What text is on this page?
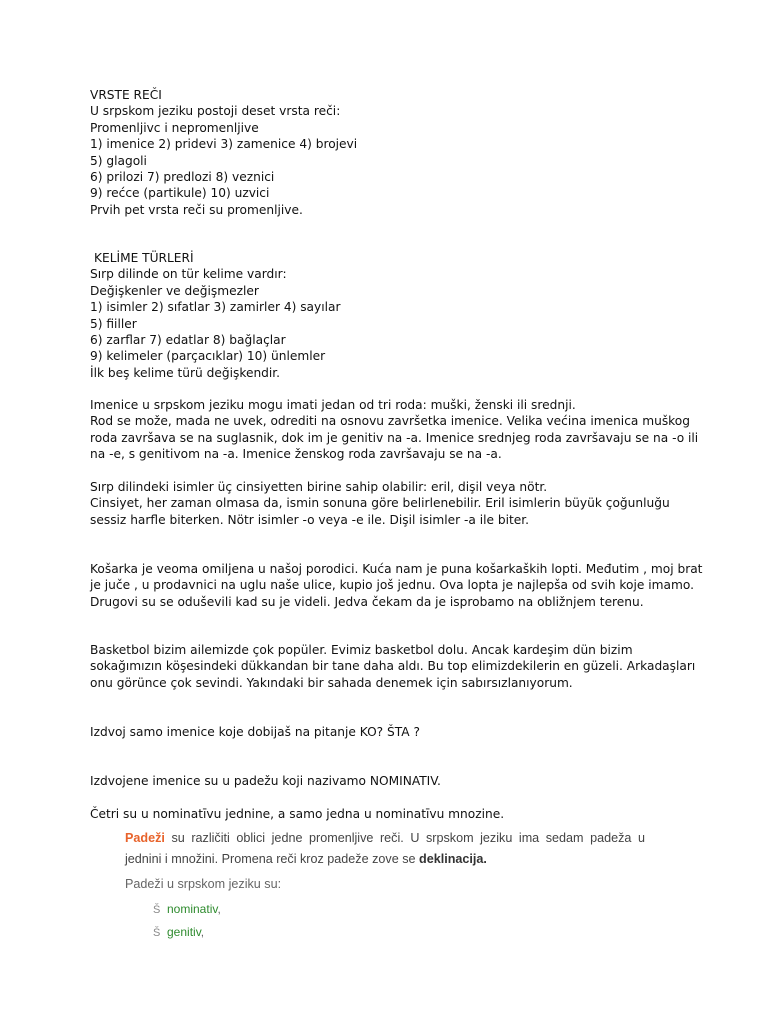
VRSTE REČI

U srpskom jeziku postoji deset vrsta reči:

Promenljivc i nepromenljive

1) imenice 2) pridevi 3) zamenice 4) brojevi

5) glagoli

6) prilozi 7) predlozi 8) veznici

9) rećce (partikule) 10) uzvici

Prvih pet vrsta reči su promenljive.

KELİME TÜRLERİ

Sırp dilinde on tür kelime vardır:

Değişkenler ve değişmezler

1) isimler 2) sıfatlar 3) zamirler 4) sayılar

5) fiiller

6) zarflar 7) edatlar 8) bağlaçlar

9) kelimeler (parçacıklar) 10) ünlemler

İlk beş kelime türü değişkendir.

Imenice u srpskom jeziku mogu imati jedan od tri roda: muški, ženski ili srednji.

Rod se može, mada ne uvek, odrediti na osnovu završetka imenice. Velika većina imenica muškog roda završava se na suglasnik, dok im je genitiv na -a. Imenice srednjeg roda završavaju se na -o ili na -e, s genitivom na -a. Imenice ženskog roda završavaju se na -a.

Sırp dilindeki isimler üç cinsiyetten birine sahip olabilir: eril, dişil veya nötr.

Cinsiyet, her zaman olmasa da, ismin sonuna göre belirlenebilir. Eril isimlerin büyük çoğunluğu sessiz harfle biterken. Nötr isimler -o veya -e ile. Dişil isimler -a ile biter.

Košarka je veoma omiljena u našoj porodici. Kuća nam je puna košarkaških lopti. Međutim , moj brat je juče , u prodavnici na uglu naše ulice, kupio još jednu. Ova lopta je najlepša od svih koje imamo. Drugovi su se oduševili kad su je videli. Jedva čekam da je isprobamo na obližnjem terenu.

Basketbol bizim ailemizde çok popüler. Evimiz basketbol dolu. Ancak kardeşim dün bizim sokağımızın köşesindeki dükkandan bir tane daha aldı. Bu top elimizdekilerin en güzeli. Arkadaşları onu görünce çok sevindi. Yakındaki bir sahada denemek için sabırsızlanıyorum.

Izdvoj samo imenice koje dobijaš na pitanje KO? ŠTA ?

Izdvojene imenice su u padežu koji nazivamo NOMINATIV.

Četri su u nominatīvu jednine, a samo jedna u nominatīvu mnozine.

Padeži su različiti oblici jedne promenljive reči. U srpskom jeziku ima sedam padeža u jednini i množini. Promena reči kroz padeže zove se deklinacija.
Padeži u srpskom jeziku su:
Š nominativ,
Š genitiv,
